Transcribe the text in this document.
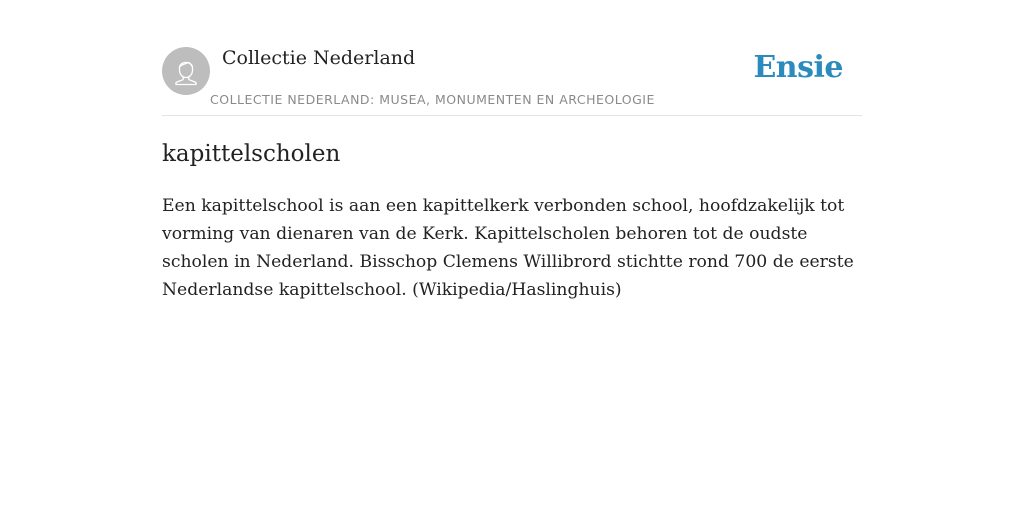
Collectie Nederland
COLLECTIE NEDERLAND: MUSEA, MONUMENTEN EN ARCHEOLOGIE
Ensie
kapittelscholen

Een kapittelschool is aan een kapittelkerk verbonden school, hoofdzakelijk tot vorming van dienaren van de Kerk. Kapittelscholen behoren tot de oudste scholen in Nederland. Bisschop Clemens Willibrord stichtte rond 700 de eerste Nederlandse kapittelschool. (Wikipedia/Haslinghuis)
